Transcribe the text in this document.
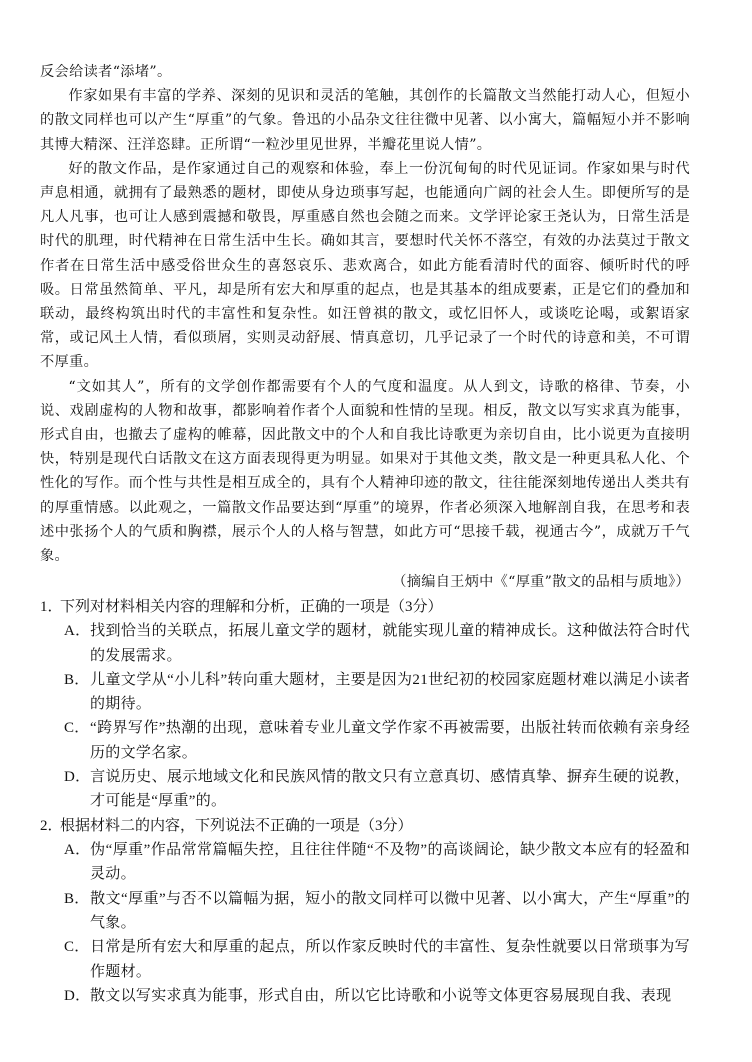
反会给读者“添堵”。

作家如果有丰富的学养、深刻的见识和灵活的笔触，其创作的长篇散文当然能打动人心，但短小的散文同样也可以产生“厚重”的气象。鲁迅的小品杂文往往微中见著、以小寓大，篇幅短小并不影响其博大精深、汪洋恣肆。正所谓“一粒沙里见世界，半瓣花里说人情”。

好的散文作品，是作家通过自己的观察和体验，奉上一份沉甸甸的时代见证词。作家如果与时代声息相通，就拥有了最熟悉的题材，即使从身边琐事写起，也能通向广阔的社会人生。即便所写的是凡人凡事，也可让人感到震撼和敬畏，厚重感自然也会随之而来。文学评论家王尧认为，日常生活是时代的肌理，时代精神在日常生活中生长。确如其言，要想时代关怀不落空，有效的办法莫过于散文作者在日常生活中感受俗世众生的喜怒哀乐、悲欢离合，如此方能看清时代的面容、倾听时代的呼吸。日常虽然简单、平凡，却是所有宏大和厚重的起点，也是其基本的组成要素，正是它们的叠加和联动，最终构筑出时代的丰富性和复杂性。如汪曾祺的散文，或忆旧怀人，或谈吃论喝，或絮语家常，或记风土人情，看似琐屑，实则灵动舒展、情真意切，几乎记录了一个时代的诗意和美，不可谓不厚重。

“文如其人”，所有的文学创作都需要有个人的气度和温度。从人到文，诗歌的格律、节奏，小说、戏剧虚构的人物和故事，都影响着作者个人面貌和性情的呈现。相反，散文以写实求真为能事，形式自由，也撤去了虚构的帷幕，因此散文中的个人和自我比诗歌更为亲切自由，比小说更为直接明快，特别是现代白话散文在这方面表现得更为明显。如果对于其他文类，散文是一种更具私人化、个性化的写作。而个性与共性是相互成全的，具有个人精神印迹的散文，往往能深刻地传递出人类共有的厚重情感。以此观之，一篇散文作品要达到“厚重”的境界，作者必须深入地解剖自我，在思考和表述中张扬个人的气质和胸襟，展示个人的人格与智慧，如此方可“思接千载，视通古今”，成就万千气象。

（摘编自王炳中《“厚重”散文的品相与质地》）
1．下列对材料相关内容的理解和分析，正确的一项是（3分）
A．找到恰当的关联点，拓展儿童文学的题材，就能实现儿童的精神成长。这种做法符合时代的发展需求。
B．儿童文学从“小儿科”转向重大题材，主要是因为21世纪初的校园家庭题材难以满足小读者的期待。
C．“跨界写作”热潮的出现，意味着专业儿童文学作家不再被需要，出版社转而依赖有亲身经历的文学名家。
D．言说历史、展示地域文化和民族风情的散文只有立意真切、感情真挚、摒弃生硬的说教，才可能是“厚重”的。
2．根据材料二的内容，下列说法不正确的一项是（3分）
A．伪“厚重”作品常常篇幅失控，且往往伴随“不及物”的高谈阔论，缺少散文本应有的轻盈和灵动。
B．散文“厚重”与否不以篇幅为据，短小的散文同样可以微中见著、以小寓大，产生“厚重”的气象。
C．日常是所有宏大和厚重的起点，所以作家反映时代的丰富性、复杂性就要以日常琐事为写作题材。
D．散文以写实求真为能事，形式自由，所以它比诗歌和小说等文体更容易展现自我、表现
